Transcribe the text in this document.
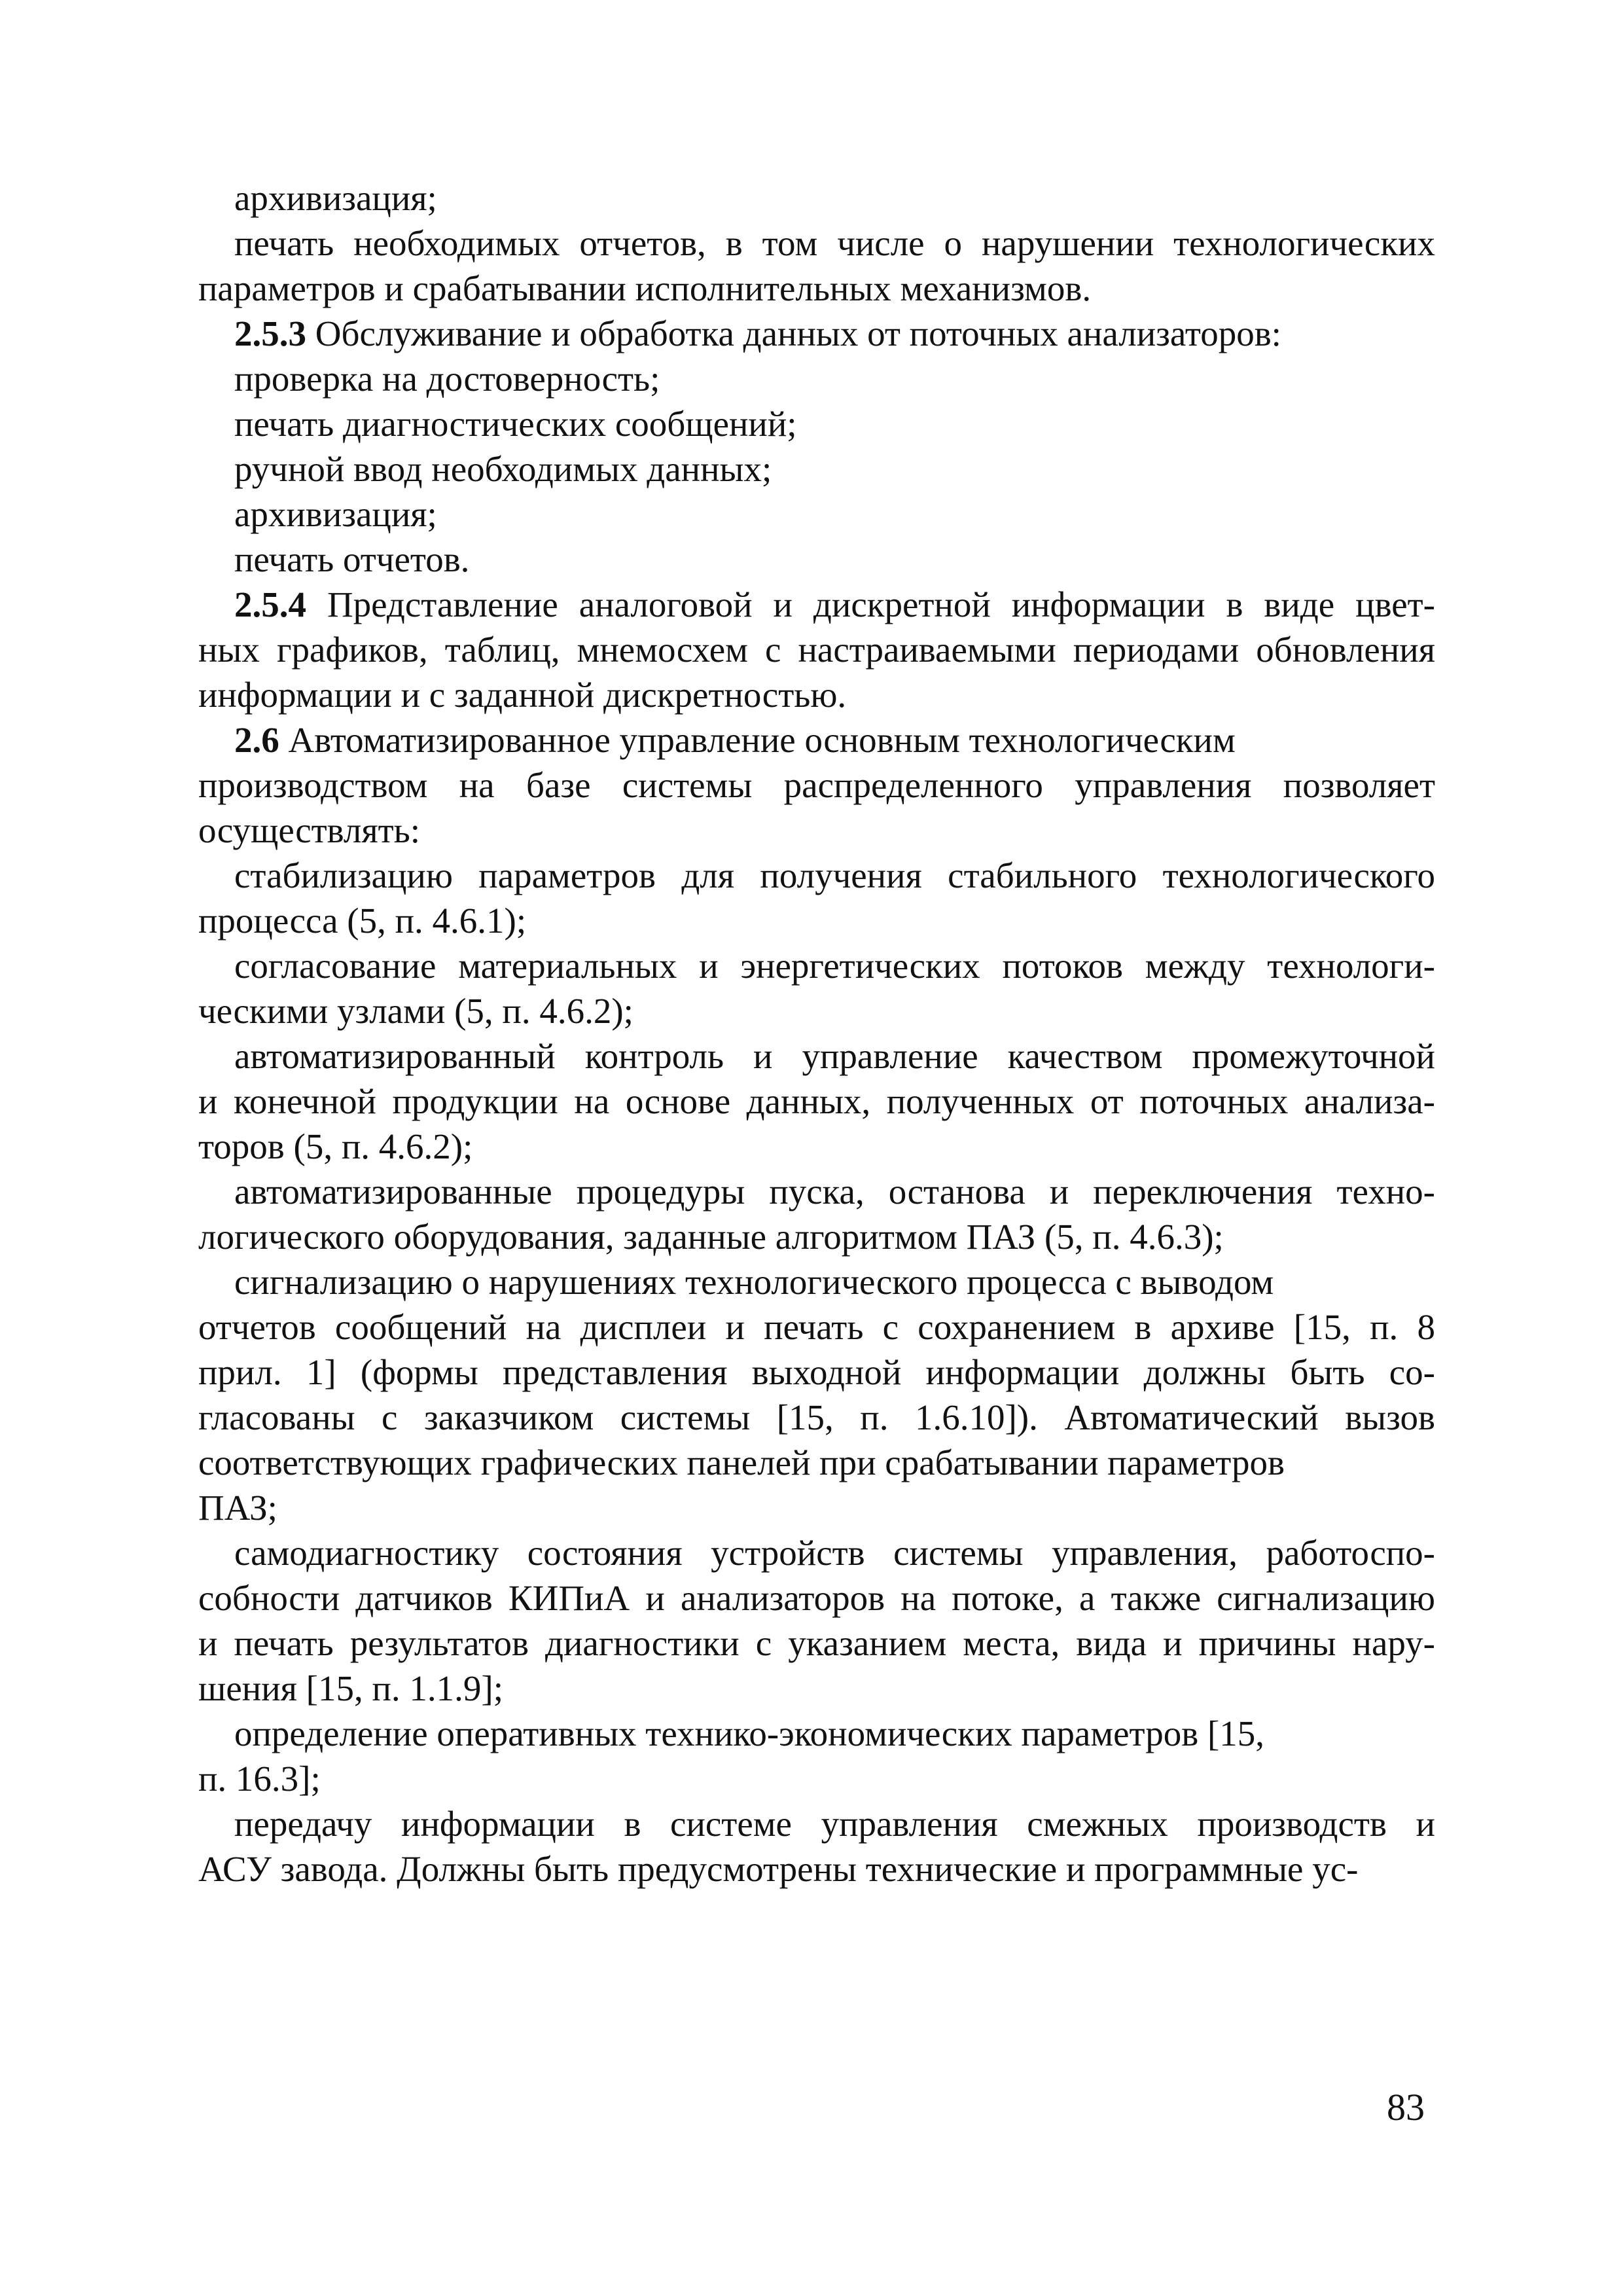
архивизация;
печать необходимых отчетов, в том числе о нарушении технологических
параметров и срабатывании исполнительных механизмов.
2.5.3 Обслуживание и обработка данных от поточных анализаторов:
проверка на достоверность;
печать диагностических сообщений;
ручной ввод необходимых данных;
архивизация;
печать отчетов.
2.5.4 Представление аналоговой и дискретной информации в виде цвет-
ных графиков, таблиц, мнемосхем с настраиваемыми периодами обновления
информации и с заданной дискретностью.
2.6 Автоматизированное управление основным технологическим
производством на базе системы распределенного управления позволяет
осуществлять:
стабилизацию параметров для получения стабильного технологического
процесса (5, п. 4.6.1);
согласование материальных и энергетических потоков между технологи-
ческими узлами (5, п. 4.6.2);
автоматизированный контроль и управление качеством промежуточной
и конечной продукции на основе данных, полученных от поточных анализа-
торов (5, п. 4.6.2);
автоматизированные процедуры пуска, останова и переключения техно-
логического оборудования, заданные алгоритмом ПАЗ (5, п. 4.6.3);
сигнализацию о нарушениях технологического процесса с выводом
отчетов сообщений на дисплеи и печать с сохранением в архиве [15, п. 8
прил. 1] (формы представления выходной информации должны быть со-
гласованы с заказчиком системы [15, п. 1.6.10]). Автоматический вызов
соответствующих графических панелей при срабатывании параметров
ПАЗ;
самодиагностику состояния устройств системы управления, работоспо-
собности датчиков КИПиА и анализаторов на потоке, а также сигнализацию
и печать результатов диагностики с указанием места, вида и причины нару-
шения [15, п. 1.1.9];
определение оперативных технико-экономических параметров [15,
п. 16.3];
передачу информации в системе управления смежных производств и
АСУ завода. Должны быть предусмотрены технические и программные ус-
83
